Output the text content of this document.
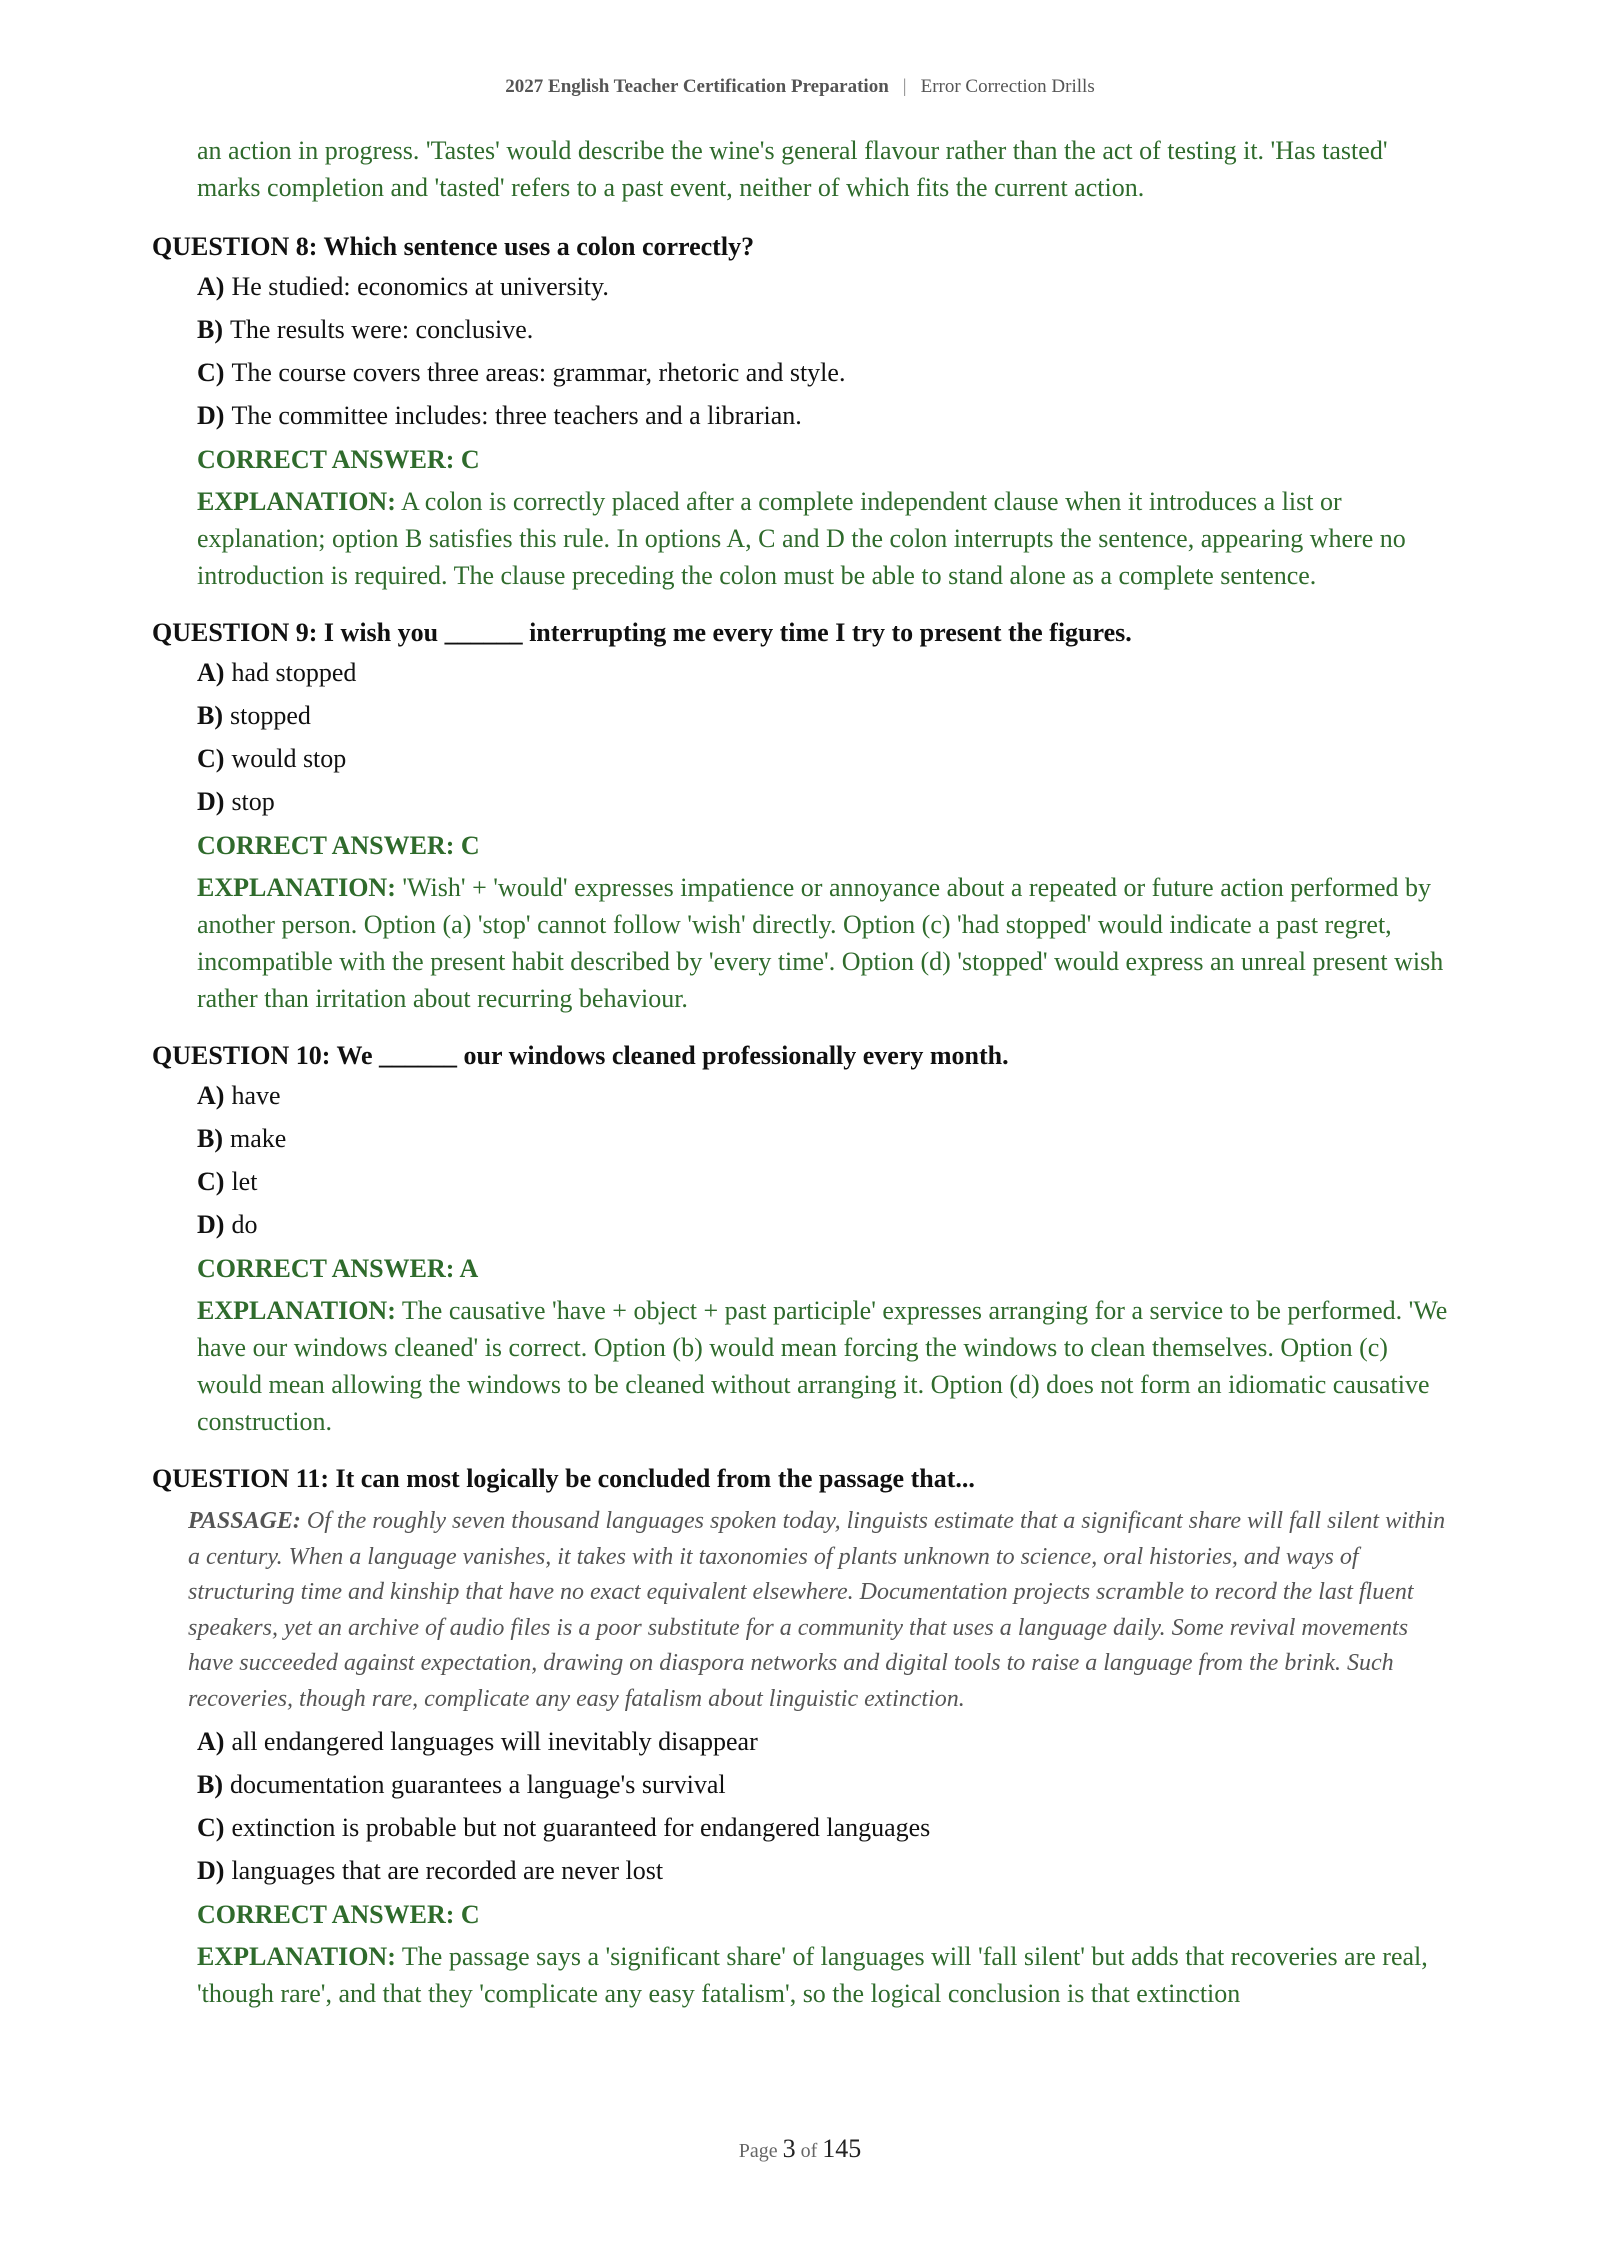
2027 English Teacher Certification Preparation | Error Correction Drills

an action in progress. 'Tastes' would describe the wine's general flavour rather than the act of testing it. 'Has tasted' marks completion and 'tasted' refers to a past event, neither of which fits the current action.

QUESTION 8: Which sentence uses a colon correctly?

A) He studied: economics at university.
B) The results were: conclusive.
C) The course covers three areas: grammar, rhetoric and style.
D) The committee includes: three teachers and a librarian.

CORRECT ANSWER: C

EXPLANATION: A colon is correctly placed after a complete independent clause when it introduces a list or explanation; option B satisfies this rule. In options A, C and D the colon interrupts the sentence, appearing where no introduction is required. The clause preceding the colon must be able to stand alone as a complete sentence.

QUESTION 9: I wish you ______ interrupting me every time I try to present the figures.

A) had stopped
B) stopped
C) would stop
D) stop

CORRECT ANSWER: C

EXPLANATION: 'Wish' + 'would' expresses impatience or annoyance about a repeated or future action performed by another person. Option (a) 'stop' cannot follow 'wish' directly. Option (c) 'had stopped' would indicate a past regret, incompatible with the present habit described by 'every time'. Option (d) 'stopped' would express an unreal present wish rather than irritation about recurring behaviour.

QUESTION 10: We ______ our windows cleaned professionally every month.

A) have
B) make
C) let
D) do

CORRECT ANSWER: A

EXPLANATION: The causative 'have + object + past participle' expresses arranging for a service to be performed. 'We have our windows cleaned' is correct. Option (b) would mean forcing the windows to clean themselves. Option (c) would mean allowing the windows to be cleaned without arranging it. Option (d) does not form an idiomatic causative construction.

QUESTION 11: It can most logically be concluded from the passage that...

PASSAGE: Of the roughly seven thousand languages spoken today, linguists estimate that a significant share will fall silent within a century. When a language vanishes, it takes with it taxonomies of plants unknown to science, oral histories, and ways of structuring time and kinship that have no exact equivalent elsewhere. Documentation projects scramble to record the last fluent speakers, yet an archive of audio files is a poor substitute for a community that uses a language daily. Some revival movements have succeeded against expectation, drawing on diaspora networks and digital tools to raise a language from the brink. Such recoveries, though rare, complicate any easy fatalism about linguistic extinction.

A) all endangered languages will inevitably disappear
B) documentation guarantees a language's survival
C) extinction is probable but not guaranteed for endangered languages
D) languages that are recorded are never lost

CORRECT ANSWER: C

EXPLANATION: The passage says a 'significant share' of languages will 'fall silent' but adds that recoveries are real, 'though rare', and that they 'complicate any easy fatalism', so the logical conclusion is that extinction

Page 3 of 145
